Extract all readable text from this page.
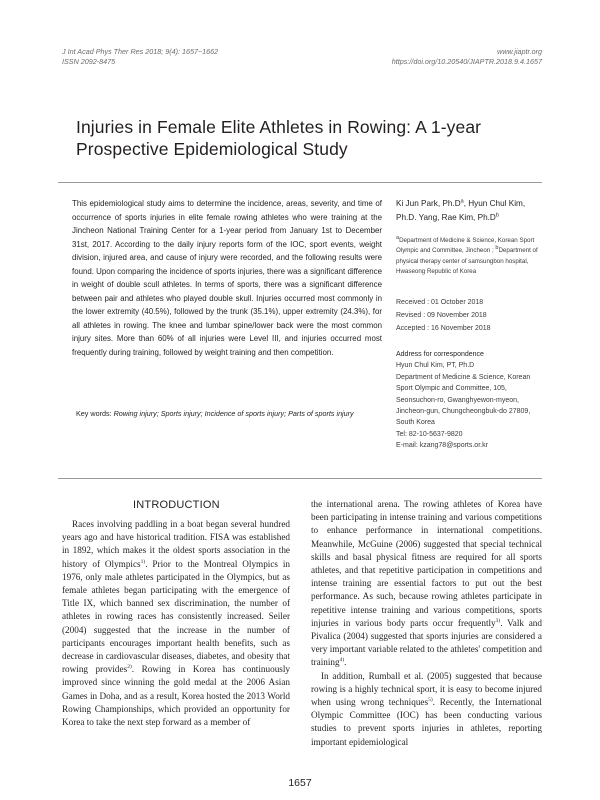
J Int Acad Phys Ther Res 2018; 9(4): 1657~1662
ISSN 2092-8475
www.jiaptr.org
https://doi.org/10.20540/JIAPTR.2018.9.4.1657
Injuries in Female Elite Athletes in Rowing: A 1-year
Prospective Epidemiological Study
This epidemiological study aims to determine the incidence, areas, severity, and time of occurrence of sports injuries in elite female rowing athletes who were training at the Jincheon National Training Center for a 1-year period from January 1st to December 31st, 2017. According to the daily injury reports form of the IOC, sport events, weight division, injured area, and cause of injury were recorded, and the following results were found. Upon comparing the incidence of sports injuries, there was a significant difference in weight of double scull athletes. In terms of sports, there was a significant difference between pair and athletes who played double skull. Injuries occurred most commonly in the lower extremity (40.5%), followed by the trunk (35.1%), upper extremity (24.3%), for all athletes in rowing. The knee and lumbar spine/lower back were the most common injury sites. More than 60% of all injuries were Level III, and injuries occurred most frequently during training, followed by weight training and then competition.
Key words: Rowing injury; Sports injury; Incidence of sports injury; Parts of sports injury
Ki Jun Park, $Ph.D^a$, Hyun Chul Kim,
Ph.D. Yang, Rae Kim, $Ph.D^b$
aDepartment of Medicine & Science, Korean Sport Olympic and Committee, Jincheon ; bDepartment of physical therapy center of samsungbon hospital, Hwaseong Republic of Korea
Received : 01 October 2018
Revised : 09 November 2018
Accepted : 16 November 2018
Address for correspondence
Hyun Chul Kim, PT, Ph.D
Department of Medicine & Science, Korean Sport Olympic and Committee, 105, Seonsuchon-ro, Gwanghyewon-myeon, Jincheon-gun, Chungcheongbuk-do 27809, South Korea
Tel: 82-10-5637-9820
E-mail: kzang78@sports.or.kr
INTRODUCTION

Races involving paddling in a boat began several hundred years ago and have historical tradition. FISA was established in 1892, which makes it the oldest sports association in the history of Olympics$^{1)}$. Prior to the Montreal Olympics in 1976, only male athletes participated in the Olympics, but as female athletes began participating with the emergence of Title IX, which banned sex discrimination, the number of athletes in rowing races has consistently increased. Seiler (2004) suggested that the increase in the number of participants encourages important health benefits, such as decrease in cardiovascular diseases, diabetes, and obesity that rowing provides$^{2)}$. Rowing in Korea has continuously improved since winning the gold medal at the 2006 Asian Games in Doha, and as a result, Korea hosted the 2013 World Rowing Championships, which provided an opportunity for Korea to take the next step forward as a member of

the international arena. The rowing athletes of Korea have been participating in intense training and various competitions to enhance performance in international competitions. Meanwhile, McGuine (2006) suggested that special technical skills and basal physical fitness are required for all sports athletes, and that repetitive participation in competitions and intense training are essential factors to put out the best performance. As such, because rowing athletes participate in repetitive intense training and various competitions, sports injuries in various body parts occur frequently$^{3)}$. Valk and Pivalica (2004) suggested that sports injuries are considered a very important variable related to the athletes' competition and training$^{4)}$.

In addition, Rumball et al. (2005) suggested that because rowing is a highly technical sport, it is easy to become injured when using wrong techniques$^{5)}$. Recently, the International Olympic Committee (IOC) has been conducting various studies to prevent sports injuries in athletes, reporting important epidemiological

1657
